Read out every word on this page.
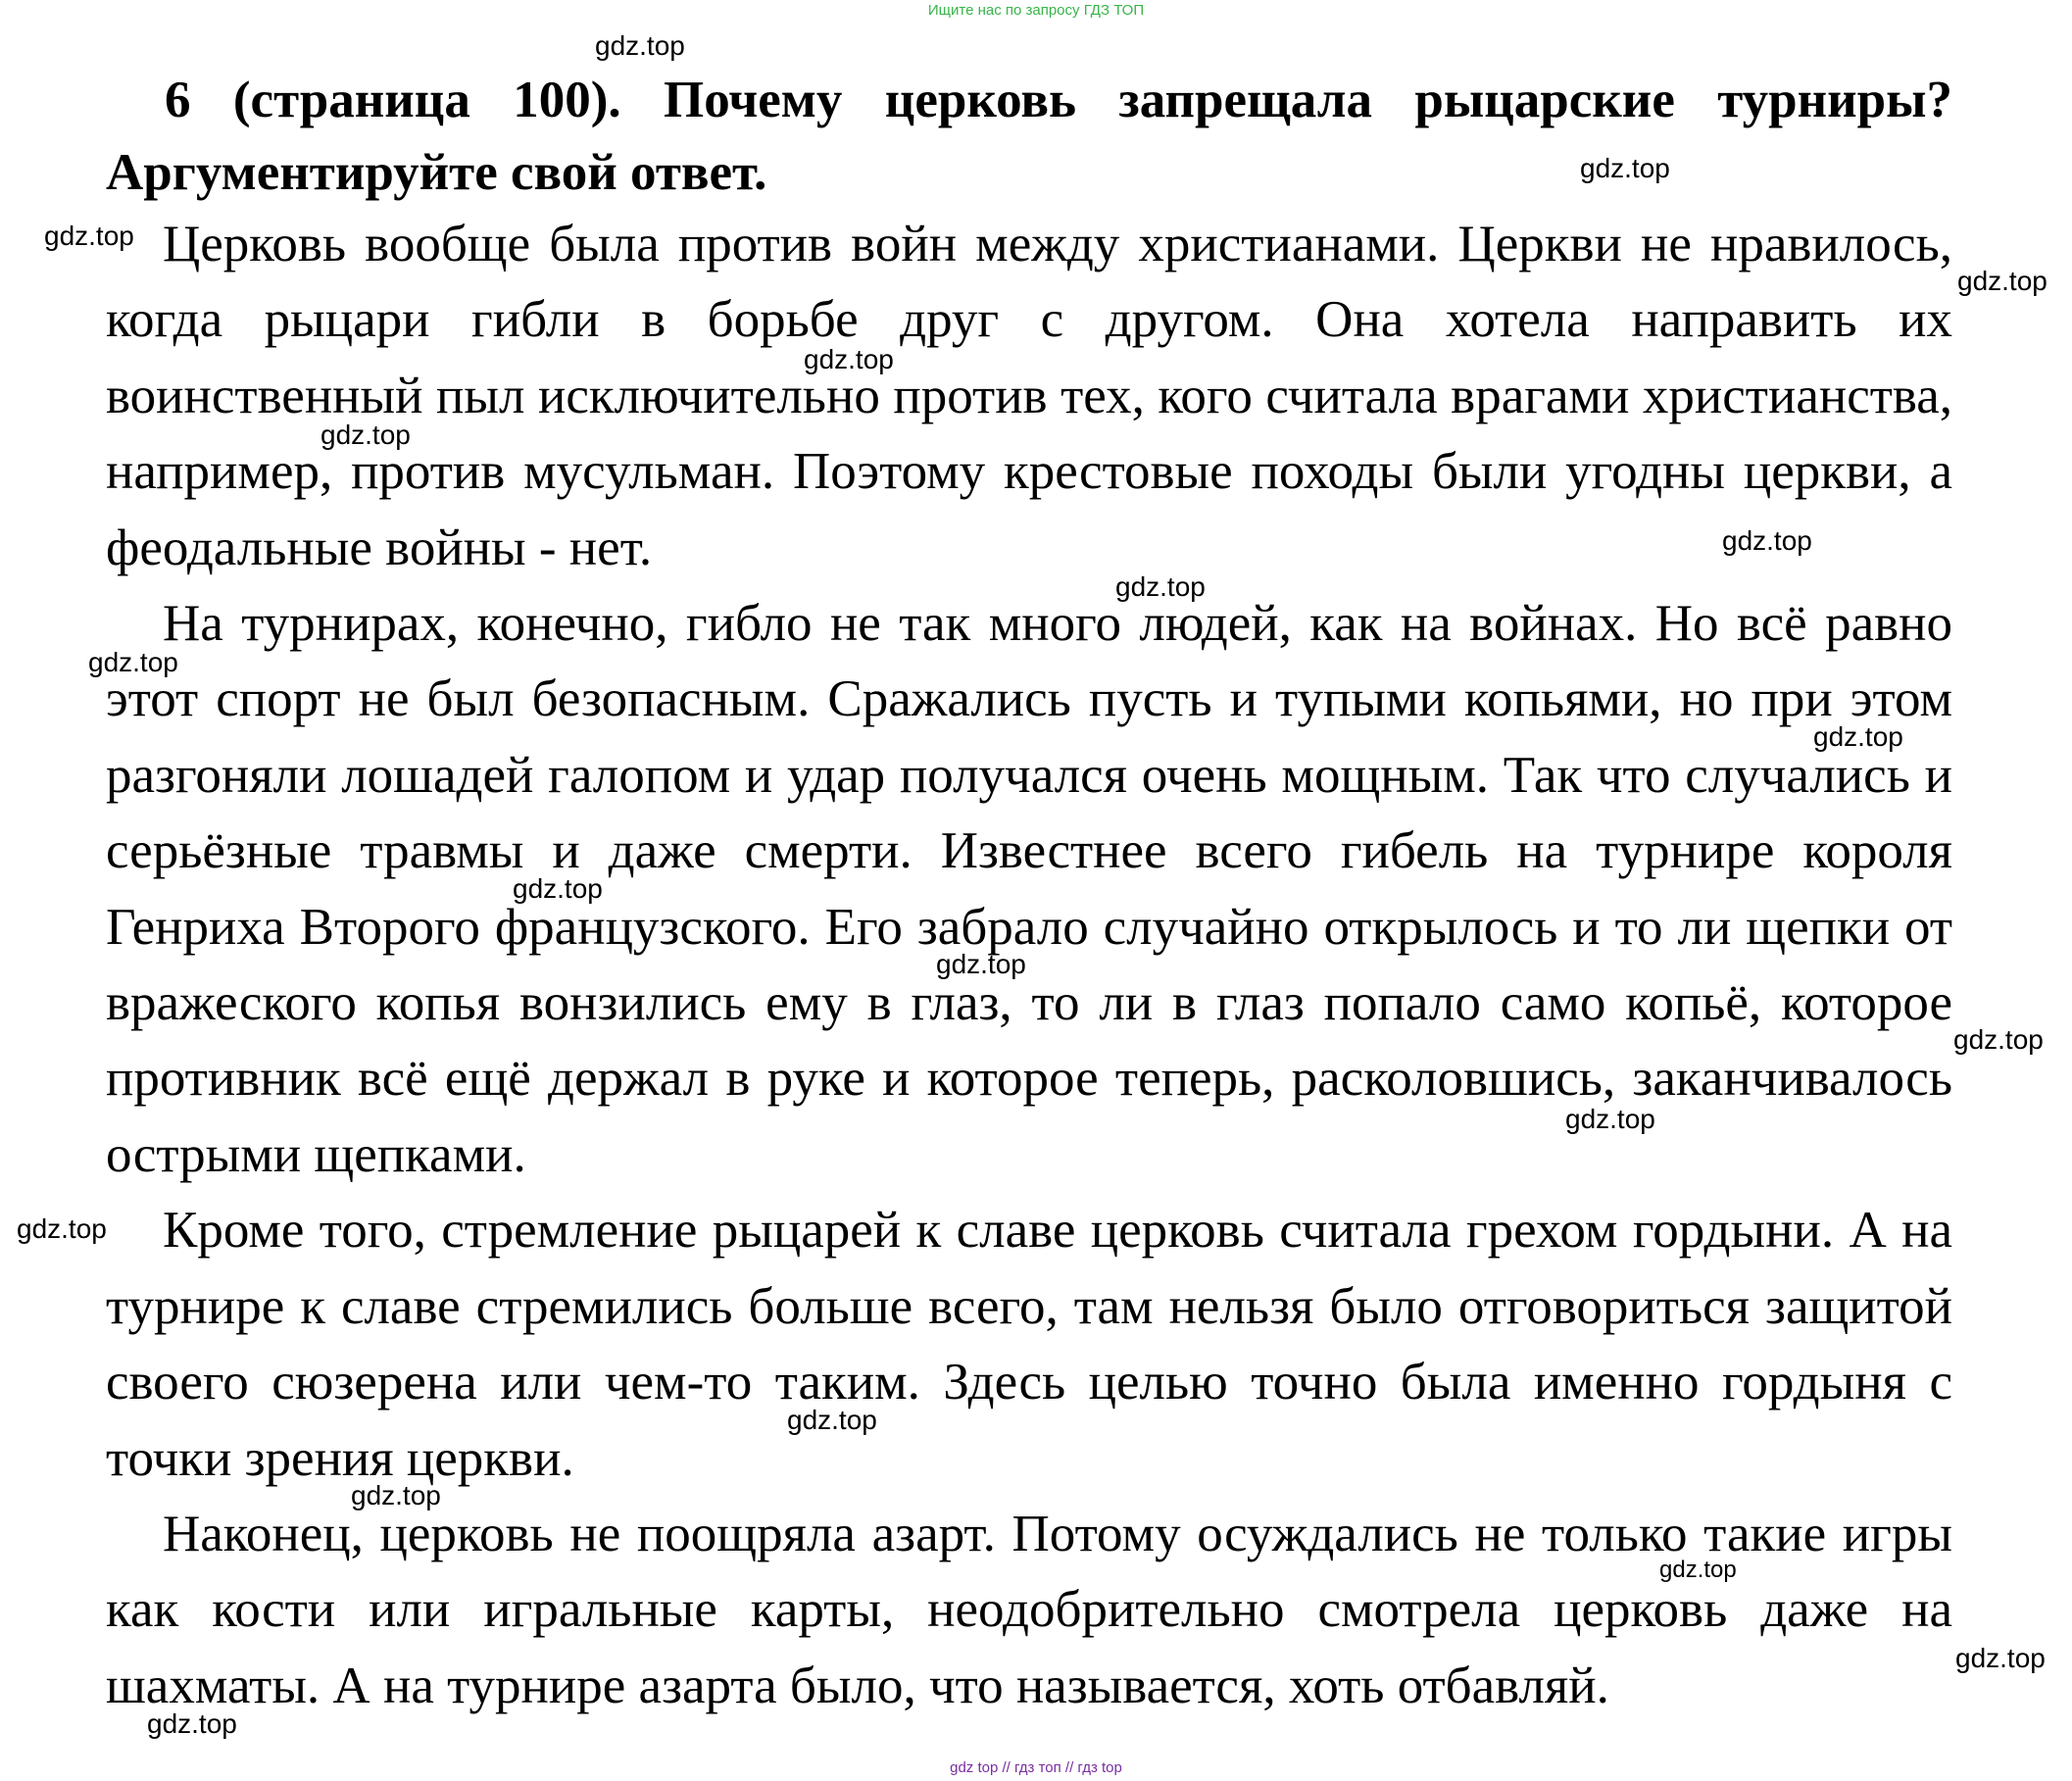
Ищите нас по запросу ГДЗ ТОП
6 (страница 100). Почему церковь запрещала рыцарские турниры? Аргументируйте свой ответ.

Церковь вообще была против войн между христианами. Церкви не нравилось, когда рыцари гибли в борьбе друг с другом. Она хотела направить их воинственный пыл исключительно против тех, кого считала врагами христианства, например, против мусульман. Поэтому крестовые походы были угодны церкви, а феодальные войны - нет.

На турнирах, конечно, гибло не так много людей, как на войнах. Но всё равно этот спорт не был безопасным. Сражались пусть и тупыми копьями, но при этом разгоняли лошадей галопом и удар получался очень мощным. Так что случались и серьёзные травмы и даже смерти. Известнее всего гибель на турнире короля Генриха Второго французского. Его забрало случайно открылось и то ли щепки от вражеского копья вонзились ему в глаз, то ли в глаз попало само копьё, которое противник всё ещё держал в руке и которое теперь, расколовшись, заканчивалось острыми щепками.

Кроме того, стремление рыцарей к славе церковь считала грехом гордыни. А на турнире к славе стремились больше всего, там нельзя было отговориться защитой своего сюзерена или чем-то таким. Здесь целью точно была именно гордыня с точки зрения церкви.

Наконец, церковь не поощряла азарт. Потому осуждались не только такие игры как кости или игральные карты, неодобрительно смотрела церковь даже на шахматы. А на турнире азарта было, что называется, хоть отбавляй.

gdz.top
gdz.top
gdz.top
gdz.top
gdz.top
gdz.top
gdz.top
gdz.top
gdz.top
gdz.top
gdz.top
gdz.top
gdz.top
gdz.top
gdz.top
gdz.top
gdz.top
gdz.top
gdz.top
gdz.top
gdz top // гдз топ // гдз top
